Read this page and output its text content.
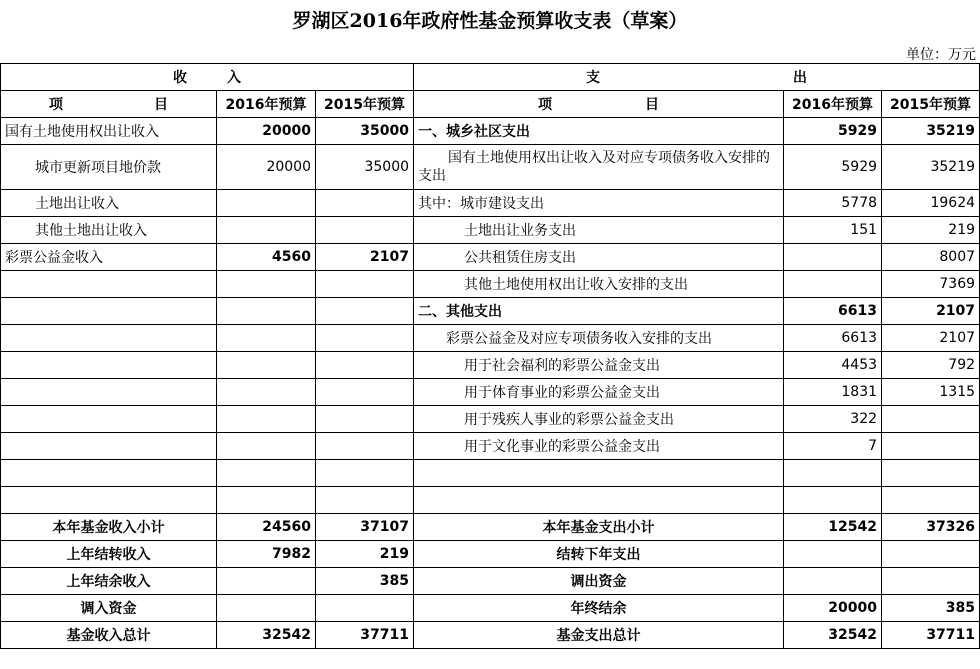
罗湖区2016年政府性基金预算收支表（草案）
单位：万元
收 入			支 出		

项 目	2016年预算	2015年预算	项 目	2016年预算	2015年预算
国有土地使用权出让收入	20000	35000	一、城乡社区支出	5929	35219
城市更新项目地价款	20000	35000	国有土地使用权出让收入及对应专项债务收入安排的支出	5929	35219
土地出让收入			其中：城市建设支出	5778	19624
其他土地出让收入			土地出让业务支出	151	219
彩票公益金收入	4560	2107	公共租赁住房支出		8007
			其他土地使用权出让收入安排的支出		7369
			二、其他支出	6613	2107
			彩票公益金及对应专项债务收入安排的支出	6613	2107
			用于社会福利的彩票公益金支出	4453	792
			用于体育事业的彩票公益金支出	1831	1315
			用于残疾人事业的彩票公益金支出	322	
			用于文化事业的彩票公益金支出	7	

本年基金收入小计	24560	37107	本年基金支出小计	12542	37326
上年结转收入	7982	219	结转下年支出		
上年结余收入		385	调出资金		
调入资金			年终结余	20000	385
基金收入总计	32542	37711	基金支出总计	32542	37711
